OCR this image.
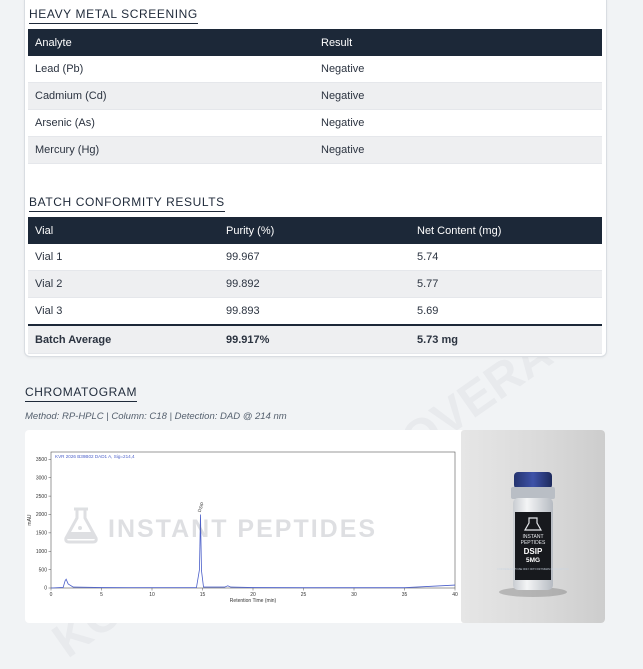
HEAVY METAL SCREENING
Analyte	Result
Lead (Pb)	Negative
Cadmium (Cd)	Negative
Arsenic (As)	Negative
Mercury (Hg)	Negative
BATCH CONFORMITY RESULTS
Vial	Purity (%)	Net Content (mg)
Vial 1	99.967	5.74
Vial 2	99.892	5.77
Vial 3	99.893	5.69
Batch Average	99.917%	5.73 mg
CHROMATOGRAM
Method: RP-HPLC | Column: C18 | Detection: DAD @ 214 nm
KVR 2026 B39B02 DAD1 A, Sig=214,4
0	5	10	15	20	25	30	35	40
0
500
1000
1500
2000
2500
3000
3500
Retention Time (min)
mAU
DSIP
INSTANT PEPTIDES	INSTANT
PEPTIDES
DSIP
5MG
FOR RESEARCH USE ONLY NOT FOR HUMAN CONSUMPTION
